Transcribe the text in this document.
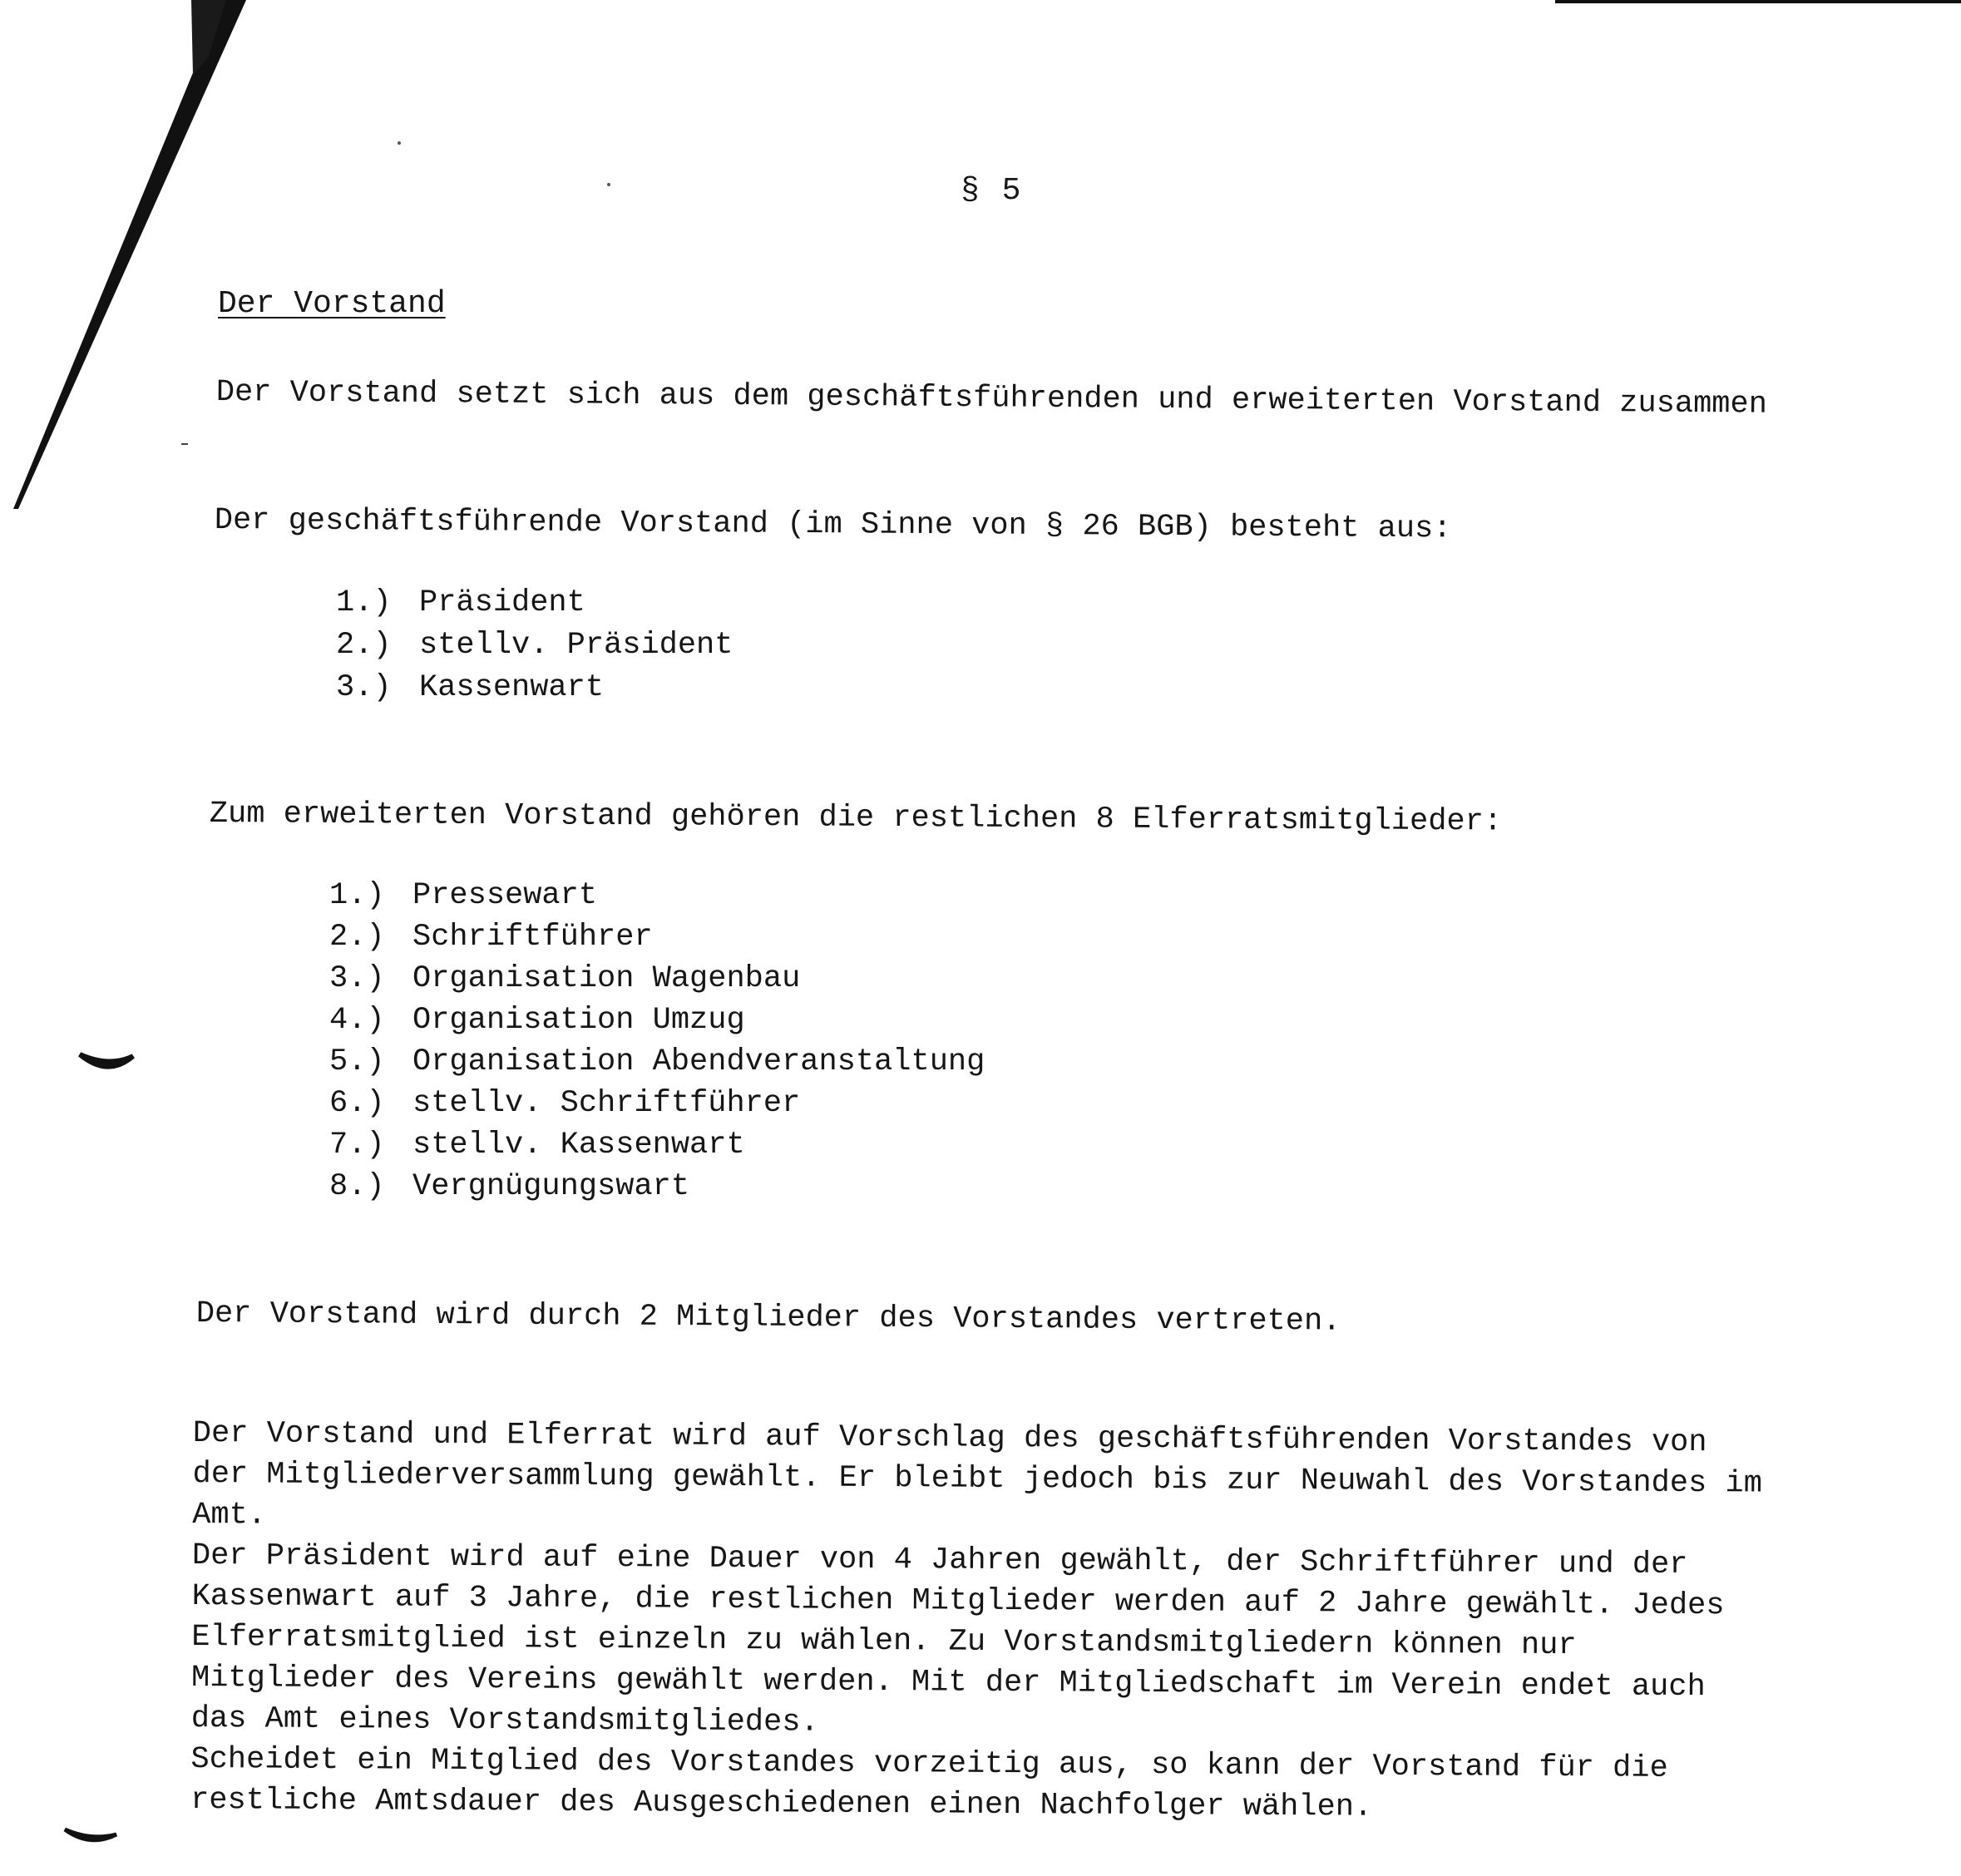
§ 5
Der Vorstand
Der Vorstand setzt sich aus dem geschäftsführenden und erweiterten Vorstand zusammen
Der geschäftsführende Vorstand (im Sinne von § 26 BGB) besteht aus:
1.) Präsident
2.) stellv. Präsident
3.) Kassenwart
Zum erweiterten Vorstand gehören die restlichen 8 Elferratsmitglieder:
1.) Pressewart
2.) Schriftführer
3.) Organisation Wagenbau
4.) Organisation Umzug
5.) Organisation Abendveranstaltung
6.) stellv. Schriftführer
7.) stellv. Kassenwart
8.) Vergnügungswart
Der Vorstand wird durch 2 Mitglieder des Vorstandes vertreten.

Der Vorstand und Elferrat wird auf Vorschlag des geschäftsführenden Vorstandes von

der Mitgliederversammlung gewählt. Er bleibt jedoch bis zur Neuwahl des Vorstandes im

Amt.

Der Präsident wird auf eine Dauer von 4 Jahren gewählt, der Schriftführer und der

Kassenwart auf 3 Jahre, die restlichen Mitglieder werden auf 2 Jahre gewählt. Jedes

Elferratsmitglied ist einzeln zu wählen. Zu Vorstandsmitgliedern können nur

Mitglieder des Vereins gewählt werden. Mit der Mitgliedschaft im Verein endet auch

das Amt eines Vorstandsmitgliedes.

Scheidet ein Mitglied des Vorstandes vorzeitig aus, so kann der Vorstand für die

restliche Amtsdauer des Ausgeschiedenen einen Nachfolger wählen.
